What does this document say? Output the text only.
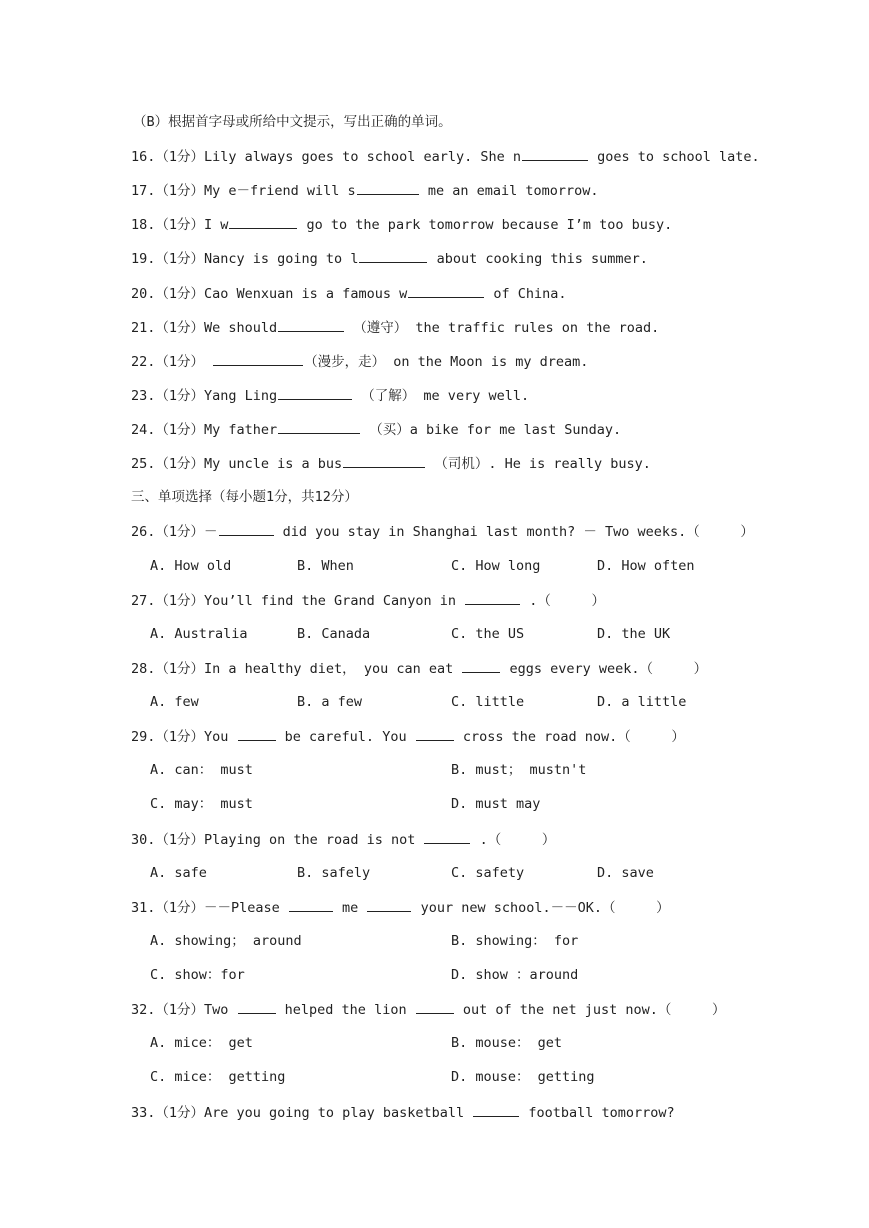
（B）根据首字母或所给中文提示，写出正确的单词。
16.（1分）Lily always goes to school early. She n	goes to school late.
17.（1分）My e－friend will s	me an email tomorrow.
18.（1分）I w	go to the park tomorrow because I’m too busy.
19.（1分）Nancy is going to l	about cooking this summer.
20.（1分）Cao Wenxuan is a famous w	of China.
21.（1分）We should	（遵守） the traffic rules on the road.
22.（1分）	（漫步，走） on the Moon is my dream.
23.（1分）Yang Ling	（了解） me very well.
24.（1分）My father	（买）a bike for me last Sunday.
25.（1分）My uncle is a bus	（司机）. He is really busy.
三、单项选择（每小题1分，共12分）
26.（1分）－	did you stay in Shanghai last month? － Two weeks.（     ）
A. How old	B. When	C. How long	D. How often
27.（1分）You’ll find the Grand Canyon in	.（     ）
A. Australia	B. Canada	C. the US	D. the UK
28.（1分）In a healthy diet， you can eat	eggs every week.（     ）
A. few	B. a few	C. little	D. a little
29.（1分）You	be careful. You	cross the road now.（     ）
A. can： must	B. must； mustn't
C. may： must	D. must may
30.（1分）Playing on the road is not	.（     ）
A. safe	B. safely	C. safety	D. save
31.（1分）－－Please	me	your new school.－－OK.（     ）
A. showing； around	B. showing： for
C. show：for	D. show ：around
32.（1分）Two	helped the lion	out of the net just now.（     ）
A. mice： get	B. mouse： get
C. mice： getting	D. mouse： getting
33.（1分）Are you going to play basketball	football tomorrow?
